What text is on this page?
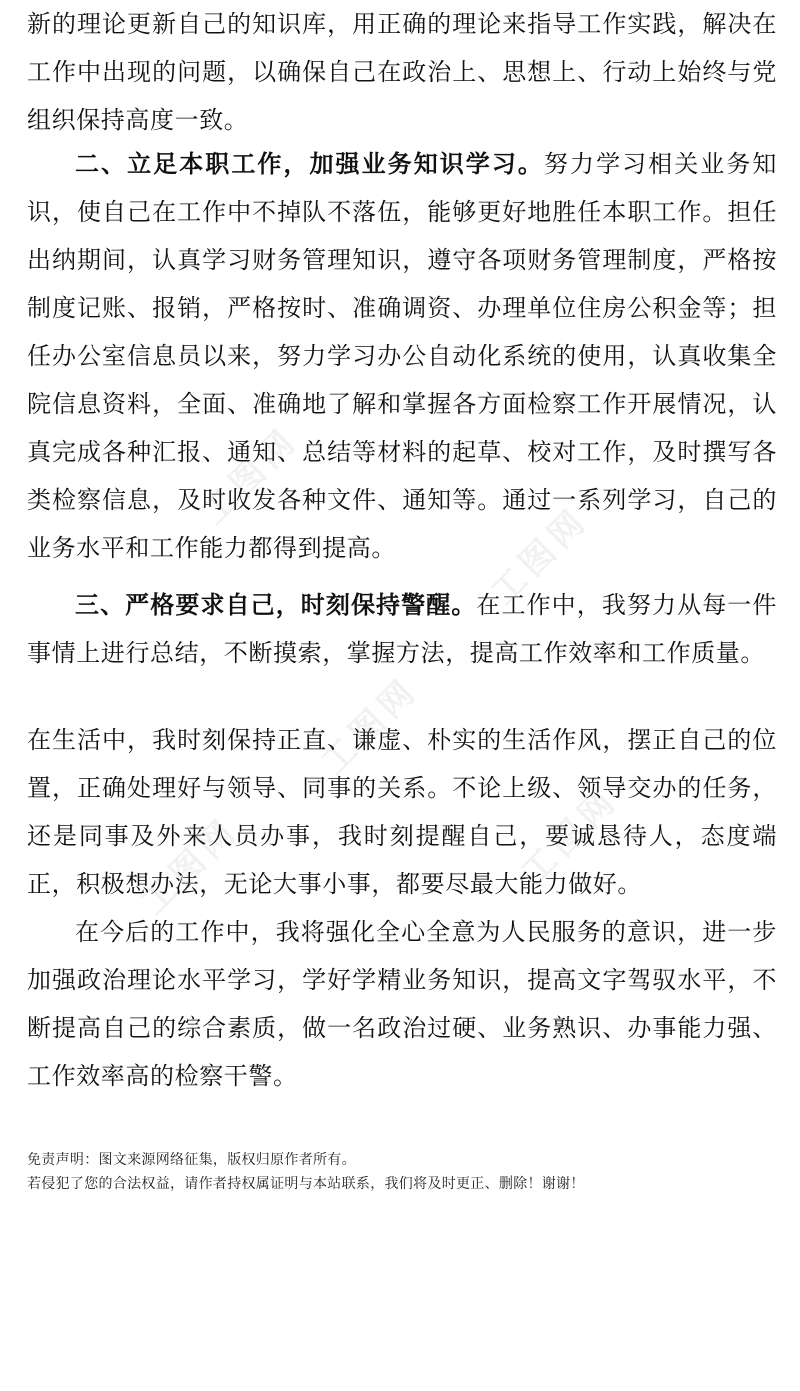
新的理论更新自己的知识库，用正确的理论来指导工作实践，解决在工作中出现的问题，以确保自己在政治上、思想上、行动上始终与党组织保持高度一致。

二、立足本职工作，加强业务知识学习。努力学习相关业务知识，使自己在工作中不掉队不落伍，能够更好地胜任本职工作。担任出纳期间，认真学习财务管理知识，遵守各项财务管理制度，严格按制度记账、报销，严格按时、准确调资、办理单位住房公积金等；担任办公室信息员以来，努力学习办公自动化系统的使用，认真收集全院信息资料，全面、准确地了解和掌握各方面检察工作开展情况，认真完成各种汇报、通知、总结等材料的起草、校对工作，及时撰写各类检察信息，及时收发各种文件、通知等。通过一系列学习，自己的业务水平和工作能力都得到提高。

三、严格要求自己，时刻保持警醒。在工作中，我努力从每一件事情上进行总结，不断摸索，掌握方法，提高工作效率和工作质量。

在生活中，我时刻保持正直、谦虚、朴实的生活作风，摆正自己的位置，正确处理好与领导、同事的关系。不论上级、领导交办的任务，还是同事及外来人员办事，我时刻提醒自己，要诚恳待人，态度端正，积极想办法，无论大事小事，都要尽最大能力做好。

在今后的工作中，我将强化全心全意为人民服务的意识，进一步加强政治理论水平学习，学好学精业务知识，提高文字驾驭水平，不断提高自己的综合素质，做一名政治过硬、业务熟识、办事能力强、工作效率高的检察干警。

免责声明：图文来源网络征集，版权归原作者所有。

若侵犯了您的合法权益，请作者持权属证明与本站联系，我们将及时更正、删除！谢谢！

工图网
工图网
工图网
工图网	工图网
